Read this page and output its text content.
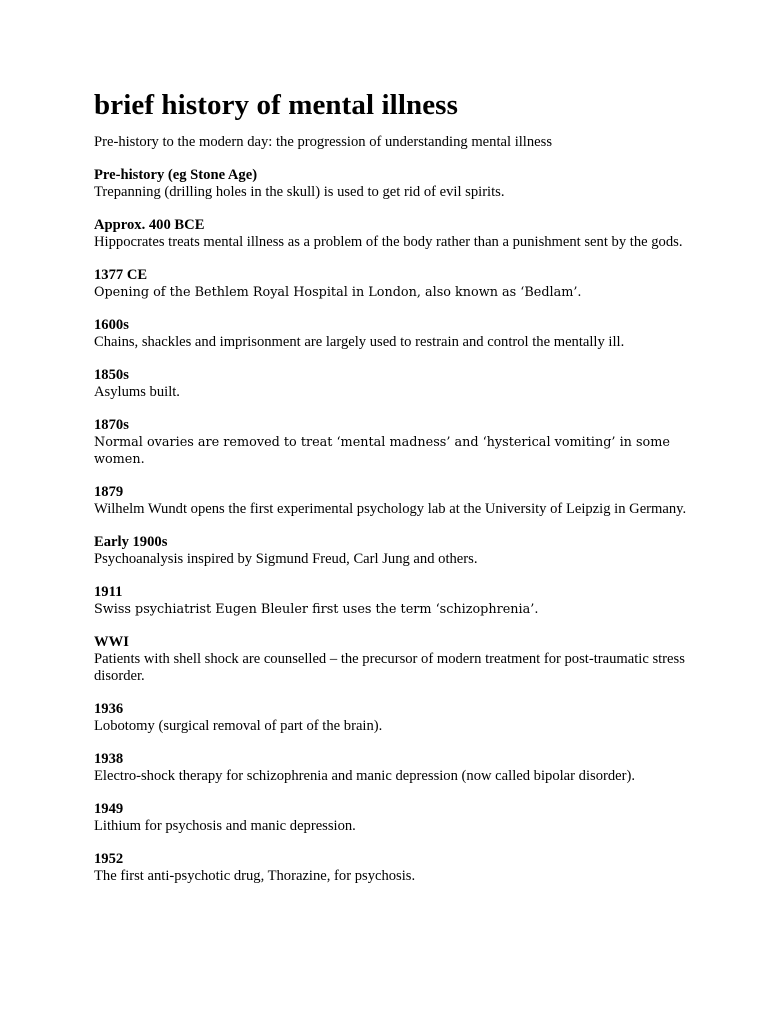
brief history of mental illness

Pre-history to the modern day: the progression of understanding mental illness

Pre-history (eg Stone Age)

Trepanning (drilling holes in the skull) is used to get rid of evil spirits.

Approx. 400 BCE

Hippocrates treats mental illness as a problem of the body rather than a punishment sent by the gods.

1377 CE

Opening of the Bethlem Royal Hospital in London, also known as ‘Bedlam’.

1600s

Chains, shackles and imprisonment are largely used to restrain and control the mentally ill.

1850s

Asylums built.

1870s

Normal ovaries are removed to treat ‘mental madness’ and ‘hysterical vomiting’ in some women.

1879

Wilhelm Wundt opens the first experimental psychology lab at the University of Leipzig in Germany.

Early 1900s

Psychoanalysis inspired by Sigmund Freud, Carl Jung and others.

1911

Swiss psychiatrist Eugen Bleuler first uses the term ‘schizophrenia’.

WWI

Patients with shell shock are counselled – the precursor of modern treatment for post-traumatic stress disorder.

1936

Lobotomy (surgical removal of part of the brain).

1938

Electro-shock therapy for schizophrenia and manic depression (now called bipolar disorder).

1949

Lithium for psychosis and manic depression.

1952

The first anti-psychotic drug, Thorazine, for psychosis.
